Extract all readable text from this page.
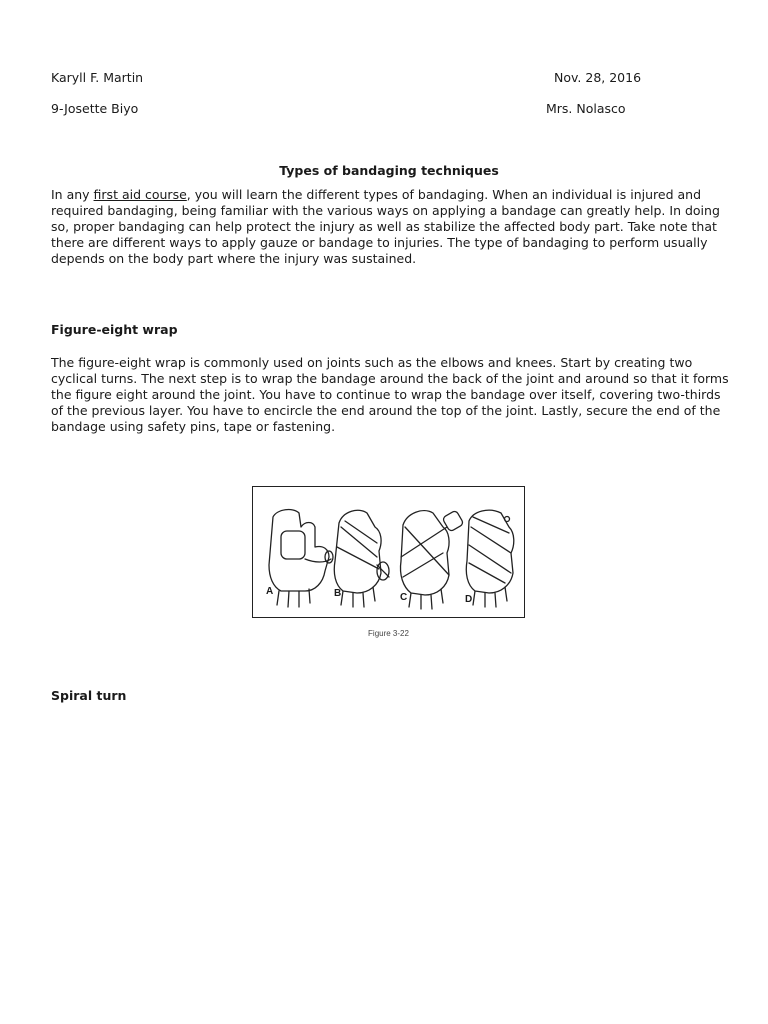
Karyll F. Martin	Nov. 28, 2016
9-Josette Biyo	Mrs. Nolasco
Types of bandaging techniques

In any first aid course, you will learn the different types of bandaging. When an individual is injured and required bandaging, being familiar with the various ways on applying a bandage can greatly help. In doing so, proper bandaging can help protect the injury as well as stabilize the affected body part. Take note that there are different ways to apply gauze or bandage to injuries. The type of bandaging to perform usually depends on the body part where the injury was sustained.

Figure-eight wrap

The figure-eight wrap is commonly used on joints such as the elbows and knees. Start by creating two cyclical turns. The next step is to wrap the bandage around the back of the joint and around so that it forms the figure eight around the joint. You have to continue to wrap the bandage over itself, covering two-thirds of the previous layer. You have to encircle the end around the top of the joint. Lastly, secure the end of the bandage using safety pins, tape or fastening.

A	B	C	D
Figure 3-22
Spiral turn
